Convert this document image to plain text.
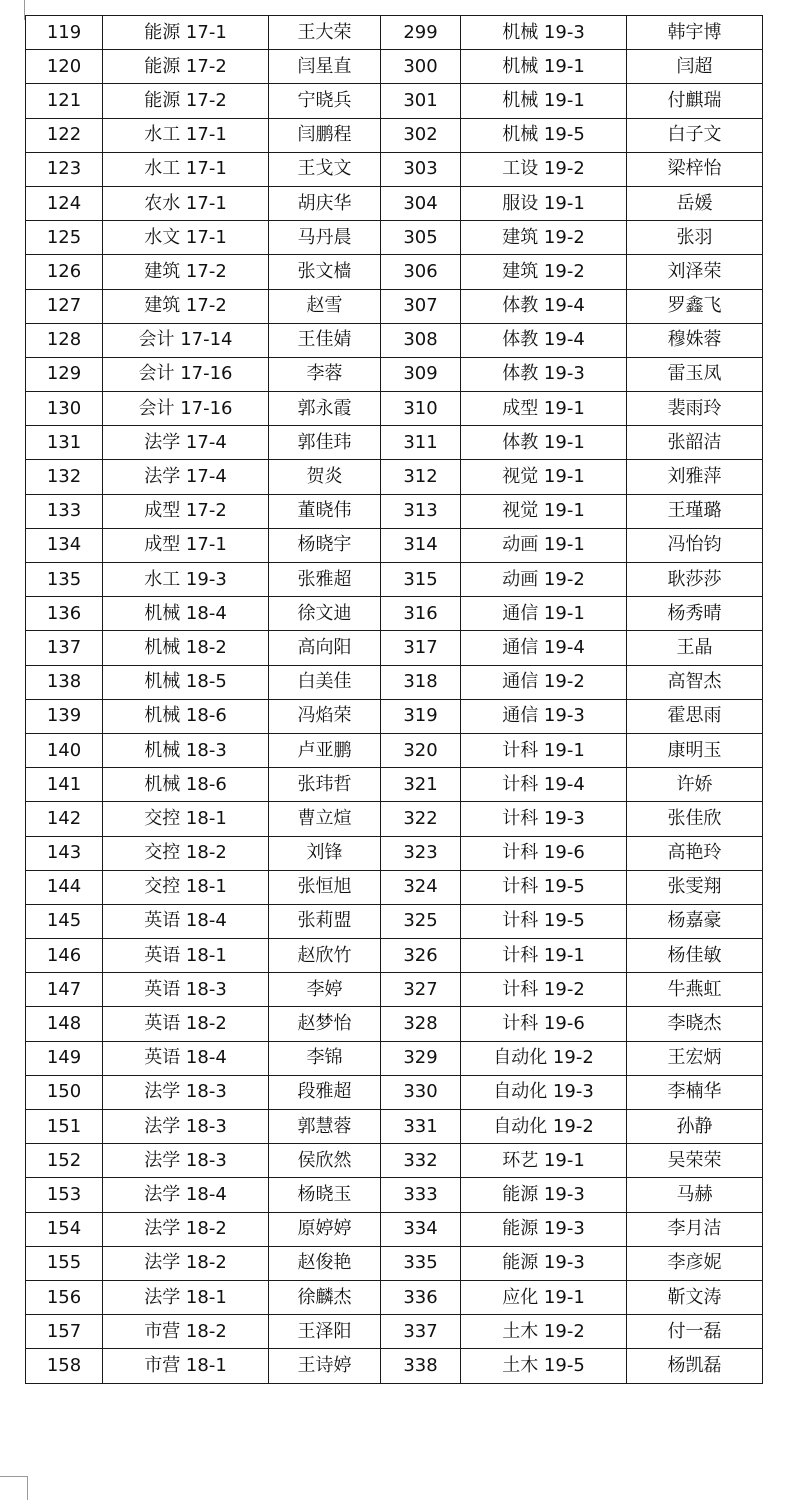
119	能源 17-1	王大荣	299	机械 19-3	韩宇博
120	能源 17-2	闫星直	300	机械 19-1	闫超
121	能源 17-2	宁晓兵	301	机械 19-1	付麒瑞
122	水工 17-1	闫鹏程	302	机械 19-5	白子文
123	水工 17-1	王戈文	303	工设 19-2	梁梓怡
124	农水 17-1	胡庆华	304	服设 19-1	岳媛
125	水文 17-1	马丹晨	305	建筑 19-2	张羽
126	建筑 17-2	张文樯	306	建筑 19-2	刘泽荣
127	建筑 17-2	赵雪	307	体教 19-4	罗鑫飞
128	会计 17-14	王佳婧	308	体教 19-4	穆姝蓉
129	会计 17-16	李蓉	309	体教 19-3	雷玉凤
130	会计 17-16	郭永霞	310	成型 19-1	裴雨玲
131	法学 17-4	郭佳玮	311	体教 19-1	张韶洁
132	法学 17-4	贺炎	312	视觉 19-1	刘雅萍
133	成型 17-2	董晓伟	313	视觉 19-1	王瑾璐
134	成型 17-1	杨晓宇	314	动画 19-1	冯怡钧
135	水工 19-3	张雅超	315	动画 19-2	耿莎莎
136	机械 18-4	徐文迪	316	通信 19-1	杨秀晴
137	机械 18-2	高向阳	317	通信 19-4	王晶
138	机械 18-5	白美佳	318	通信 19-2	高智杰
139	机械 18-6	冯焰荣	319	通信 19-3	霍思雨
140	机械 18-3	卢亚鹏	320	计科 19-1	康明玉
141	机械 18-6	张玮哲	321	计科 19-4	许娇
142	交控 18-1	曹立煊	322	计科 19-3	张佳欣
143	交控 18-2	刘锋	323	计科 19-6	高艳玲
144	交控 18-1	张恒旭	324	计科 19-5	张雯翔
145	英语 18-4	张莉盟	325	计科 19-5	杨嘉豪
146	英语 18-1	赵欣竹	326	计科 19-1	杨佳敏
147	英语 18-3	李婷	327	计科 19-2	牛燕虹
148	英语 18-2	赵梦怡	328	计科 19-6	李晓杰
149	英语 18-4	李锦	329	自动化 19-2	王宏炳
150	法学 18-3	段雅超	330	自动化 19-3	李楠华
151	法学 18-3	郭慧蓉	331	自动化 19-2	孙静
152	法学 18-3	侯欣然	332	环艺 19-1	吴荣荣
153	法学 18-4	杨晓玉	333	能源 19-3	马赫
154	法学 18-2	原婷婷	334	能源 19-3	李月洁
155	法学 18-2	赵俊艳	335	能源 19-3	李彦妮
156	法学 18-1	徐麟杰	336	应化 19-1	靳文涛
157	市营 18-2	王泽阳	337	土木 19-2	付一磊
158	市营 18-1	王诗婷	338	土木 19-5	杨凯磊
